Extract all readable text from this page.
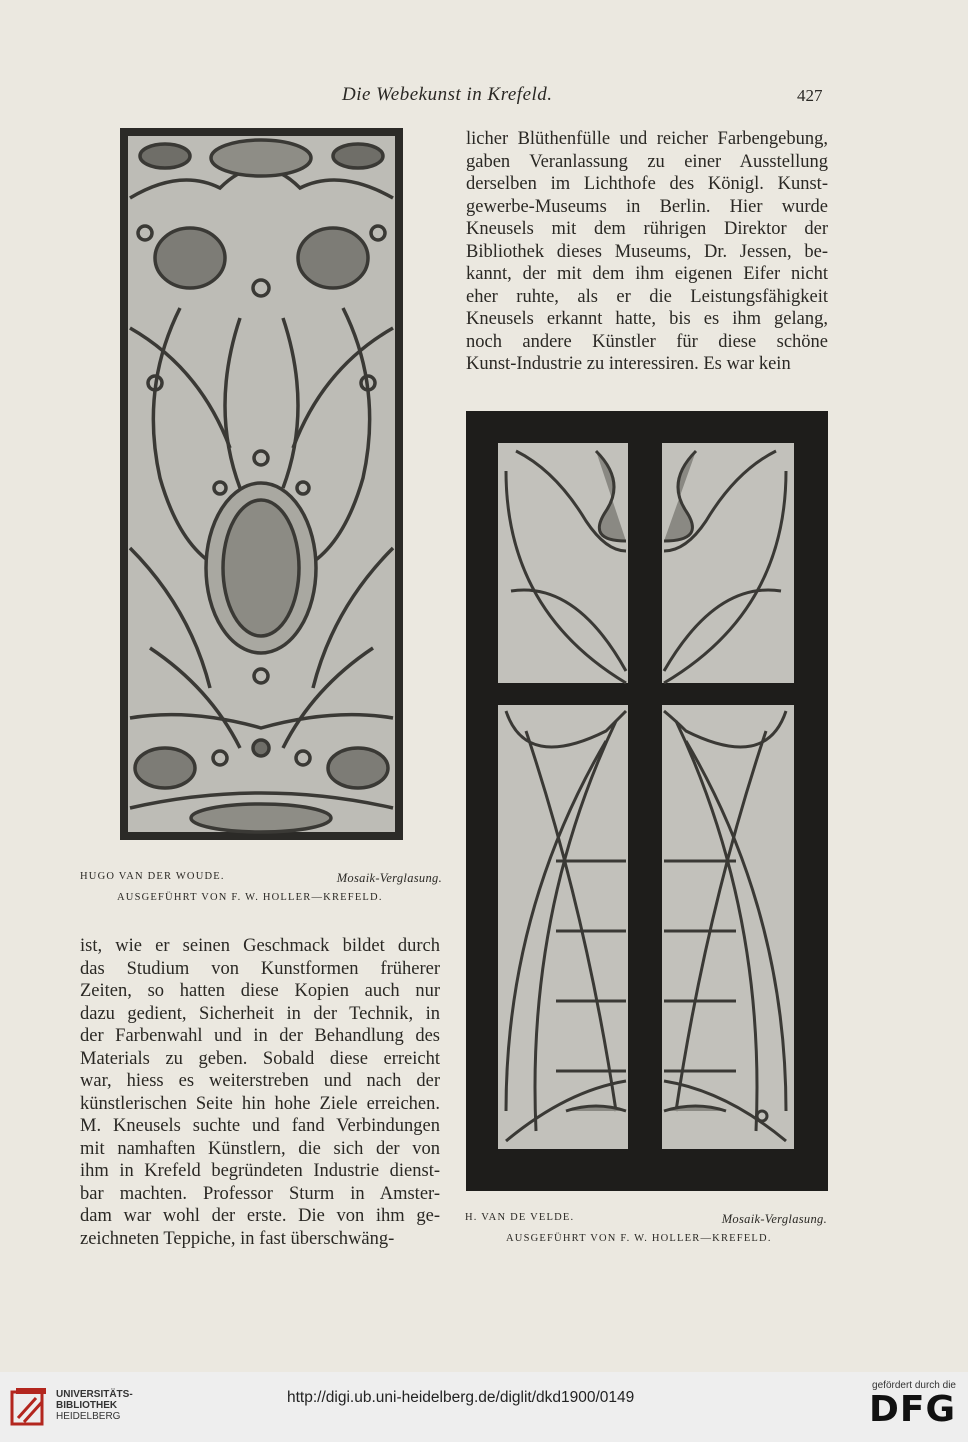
Die Webekunst in Krefeld.	427
licher Blüthenfülle und reicher Farbengebung,
gaben Veranlassung zu einer Ausstellung
derselben im Lichthofe des Königl. Kunst-
gewerbe-Museums in Berlin. Hier wurde
Kneusels mit dem rührigen Direktor der
Bibliothek dieses Museums, Dr. Jessen, be-
kannt, der mit dem ihm eigenen Eifer nicht
eher ruhte, als er die Leistungsfähigkeit
Kneusels erkannt hatte, bis es ihm gelang,
noch andere Künstler für diese schöne
Kunst-Industrie zu interessiren. Es war kein
HUGO VAN DER WOUDE.	Mosaik-Verglasung.
AUSGEFÜHRT VON F. W. HOLLER—KREFELD.
ist, wie er seinen Geschmack bildet durch
das Studium von Kunstformen früherer
Zeiten, so hatten diese Kopien auch nur
dazu gedient, Sicherheit in der Technik, in
der Farbenwahl und in der Behandlung des
Materials zu geben. Sobald diese erreicht
war, hiess es weiterstreben und nach der
künstlerischen Seite hin hohe Ziele erreichen.
M. Kneusels suchte und fand Verbindungen
mit namhaften Künstlern, die sich der von
ihm in Krefeld begründeten Industrie dienst-
bar machten. Professor Sturm in Amster-
dam war wohl der erste. Die von ihm ge-
zeichneten Teppiche, in fast überschwäng-
H. VAN DE VELDE.	Mosaik-Verglasung.
AUSGEFÜHRT VON F. W. HOLLER—KREFELD.
UNIVERSITÄTS-
BIBLIOTHEK
HEIDELBERG
http://digi.ub.uni-heidelberg.de/diglit/dkd1900/0149
gefördert durch die
DFG
